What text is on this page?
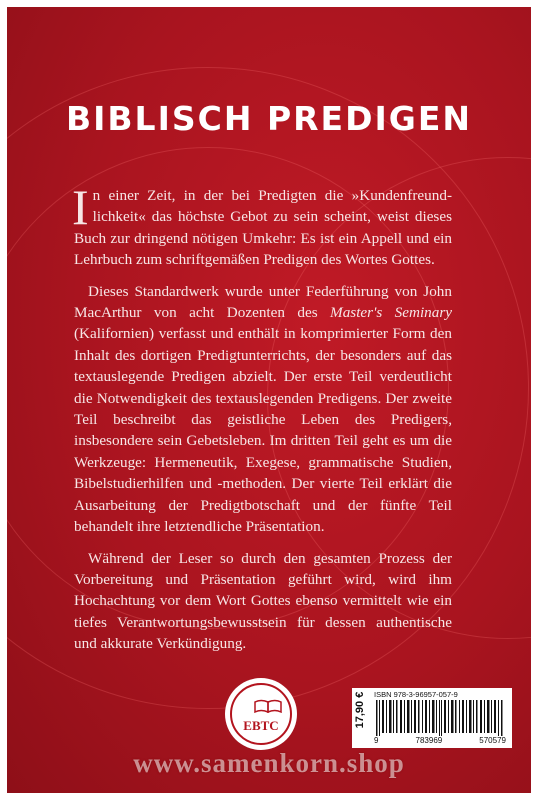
BIBLISCH PREDIGEN

In einer Zeit, in der bei Predigten die »Kundenfreund-lichkeit« das höchste Gebot zu sein scheint, weist dieses Buch zur dringend nötigen Umkehr: Es ist ein Appell und ein Lehrbuch zum schriftgemäßen Predigen des Wortes Gottes.

Dieses Standardwerk wurde unter Federführung von John MacArthur von acht Dozenten des Master's Seminary (Kalifornien) verfasst und enthält in komprimierter Form den Inhalt des dortigen Predigtunterrichts, der besonders auf das textauslegende Predigen abzielt. Der erste Teil verdeutlicht die Notwendigkeit des textauslegenden Predigens. Der zweite Teil beschreibt das geistliche Leben des Predigers, insbesondere sein Gebetsleben. Im dritten Teil geht es um die Werkzeuge: Hermeneutik, Exegese, grammatische Studien, Bibelstudierhilfen und -methoden. Der vierte Teil erklärt die Ausarbeitung der Predigtbotschaft und der fünfte Teil behandelt ihre letztendliche Präsentation.

Während der Leser so durch den gesamten Prozess der Vorbereitung und Präsentation geführt wird, wird ihm Hochachtung vor dem Wort Gottes ebenso vermittelt wie ein tiefes Verantwortungsbewusstsein für dessen authentische und akkurate Verkündigung.

EBTC	17,90 € ISBN 978-3-96957-057-9
9	783969	570579
www.samenkorn.shop
